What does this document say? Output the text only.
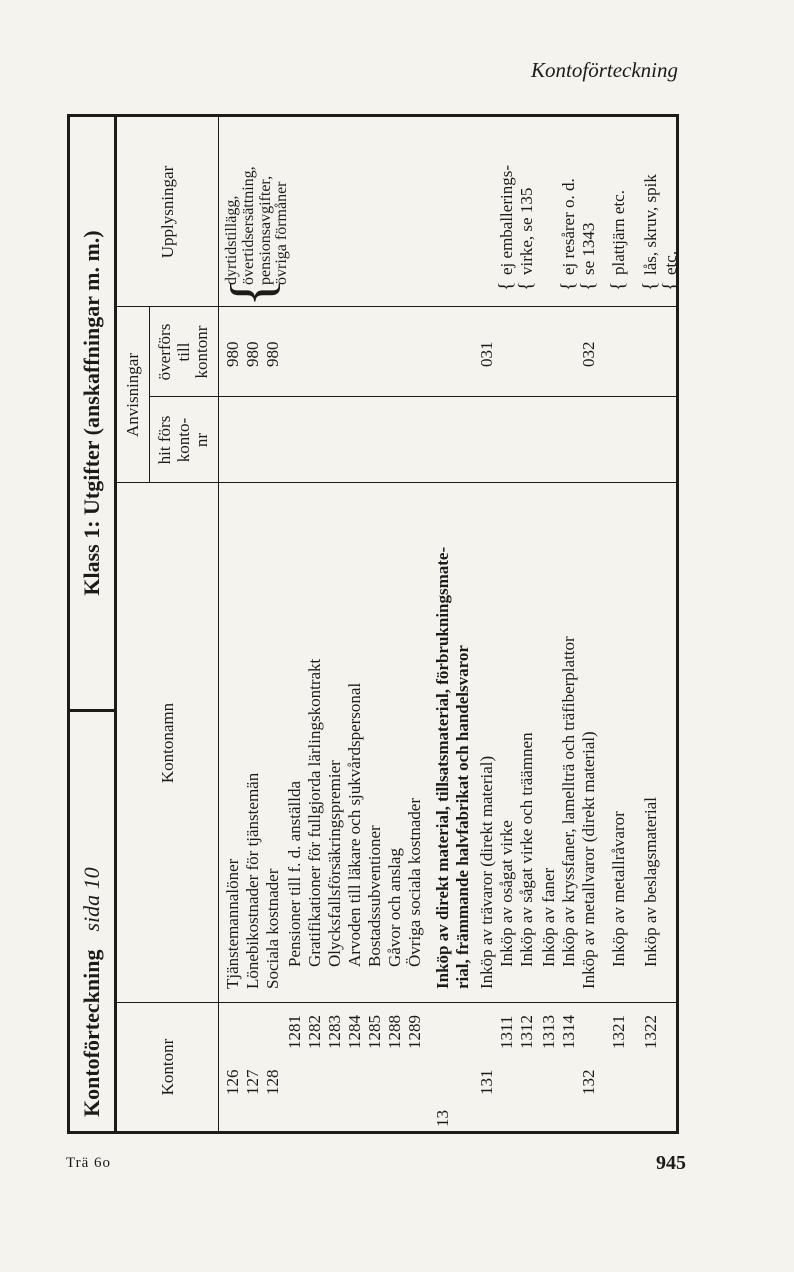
Kontoförteckning
Kontoförteckning
sida 10
Klass 1: Utgifter (anskaffningar m. m.)
Kontonr
Kontonamn
Anvisningar
hit förs konto- nr
överförs till kontonr
Upplysningar
{
dyrtidstillägg, övertidsersättning, pensionsavgifter, övriga förmåner
126
Tjänstemannalöner
980
127
Lönebikostnader för tjänstemän
980
128
Sociala kostnader
980
1281
Pensioner till f. d. anställda
1282
Gratifikationer för fullgjorda lärlingskontrakt
1283
Olycksfallsförsäkringspremier
1284
Arvoden till läkare och sjukvårdspersonal
1285
Bostadssubventioner
1288
Gåvor och anslag
1289
Övriga sociala kostnader
13
Inköp av direkt material, tillsatsmaterial, förbrukningsmate- rial, främmande halvfabrikat och handelsvaror
131
Inköp av trävaror (direkt material)
031
1311
Inköp av osågat virke
{
ej emballerings-
1312
Inköp av sågat virke och träämnen
{
virke, se 135
1313
Inköp av faner
1314
Inköp av kryssfaner, lamellträ och träfiberplattor
{
ej resårer o. d.
132
Inköp av metallvaror (direkt material)
032
{
se 1343
1321
Inköp av metallråvaror
{
plattjärn etc.
1322
Inköp av beslagsmaterial
{
lås, skruv, spik
{
etc.
Trä 6o	945
